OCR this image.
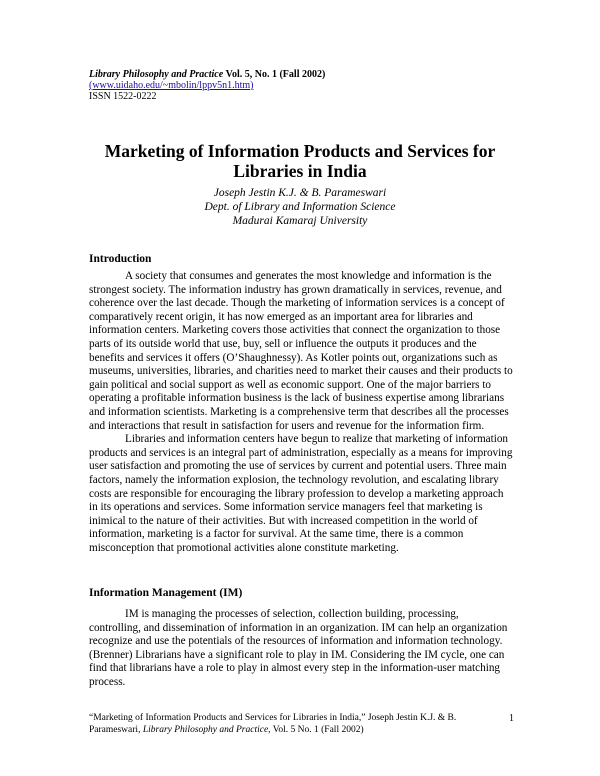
Library Philosophy and Practice Vol. 5, No. 1 (Fall 2002)
(www.uidaho.edu/~mbolin/lppv5n1.htm)
ISSN 1522-0222
Marketing of Information Products and Services for
Libraries in India
Joseph Jestin K.J. & B. Parameswari
Dept. of Library and Information Science
Madurai Kamaraj University
Introduction

A society that consumes and generates the most knowledge and information is the strongest society. The information industry has grown dramatically in services, revenue, and coherence over the last decade. Though the marketing of information services is a concept of comparatively recent origin, it has now emerged as an important area for libraries and information centers. Marketing covers those activities that connect the organization to those parts of its outside world that use, buy, sell or influence the outputs it produces and the benefits and services it offers (O’Shaughnessy). As Kotler points out, organizations such as museums, universities, libraries, and charities need to market their causes and their products to gain political and social support as well as economic support. One of the major barriers to operating a profitable information business is the lack of business expertise among librarians and information scientists. Marketing is a comprehensive term that describes all the processes and interactions that result in satisfaction for users and revenue for the information firm.

Libraries and information centers have begun to realize that marketing of information products and services is an integral part of administration, especially as a means for improving user satisfaction and promoting the use of services by current and potential users. Three main factors, namely the information explosion, the technology revolution, and escalating library costs are responsible for encouraging the library profession to develop a marketing approach in its operations and services. Some information service managers feel that marketing is inimical to the nature of their activities. But with increased competition in the world of information, marketing is a factor for survival. At the same time, there is a common misconception that promotional activities alone constitute marketing.

Information Management (IM)

IM is managing the processes of selection, collection building, processing, controlling, and dissemination of information in an organization. IM can help an organization recognize and use the potentials of the resources of information and information technology. (Brenner) Librarians have a significant role to play in IM. Considering the IM cycle, one can find that librarians have a role to play in almost every step in the information-user matching process.

“Marketing of Information Products and Services for Libraries in India,” Joseph Jestin K.J. & B. Parameswari, Library Philosophy and Practice, Vol. 5 No. 1 (Fall 2002)
1
